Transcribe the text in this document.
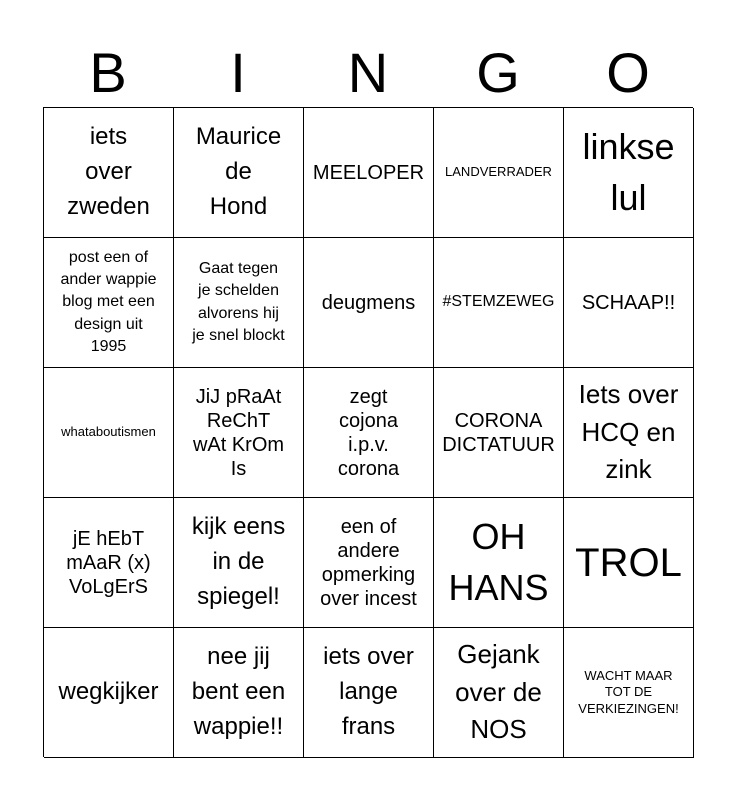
B	I	N	G	O
iets
over
zweden
Maurice
de
Hond
MEELOPER LANDVERRADER
linkse
lul
post een of
ander wappie
blog met een
design uit
1995
Gaat tegen
je schelden
alvorens hij
je snel blockt
deugmens #STEMZEWEG SCHAAP!!
whataboutismen
JiJ pRaAt
ReChT
wAt KrOm
Is
zegt
cojona
i.p.v.
corona
CORONA
DICTATUUR
Iets over
HCQ en
zink
jE hEbT
mAaR (x)
VoLgErS
kijk eens
in de
spiegel!
een of
andere
opmerking
over incest
OH
HANS
TROL
wegkijker
nee jij
bent een
wappie!!
iets over
lange
frans
Gejank
over de
NOS
WACHT MAAR
TOT DE
VERKIEZINGEN!
